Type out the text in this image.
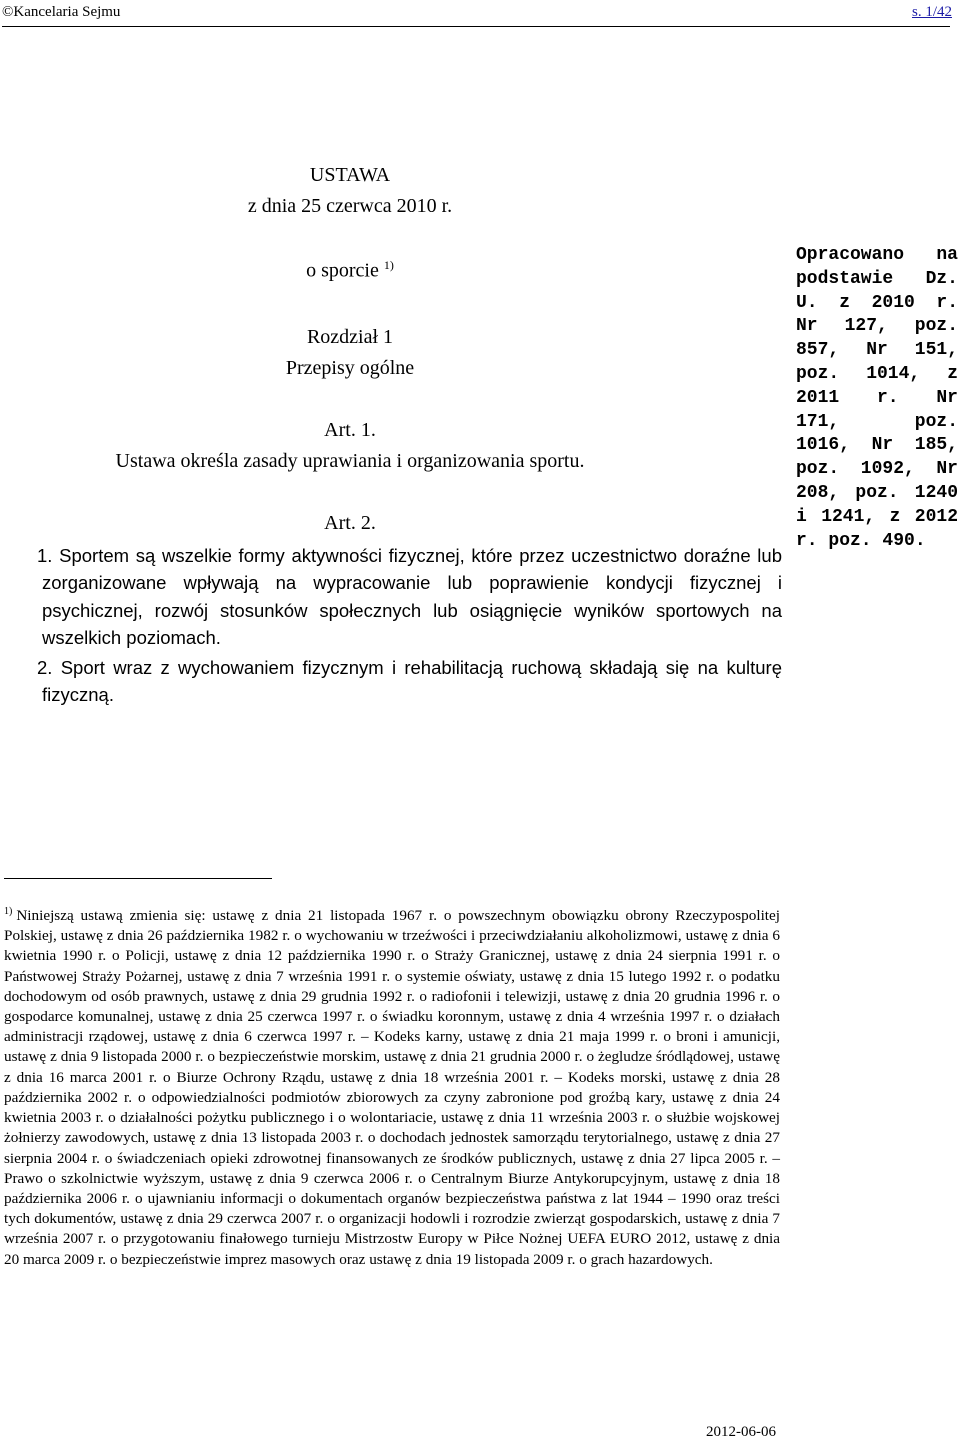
©Kancelaria Sejmu	s. 1/42
USTAWA
z dnia 25 czerwca 2010 r.
o sporcie $^{1)}$
Rozdział 1
Przepisy ogólne
Art. 1.
Ustawa określa zasady uprawiania i organizowania sportu.
Art. 2.

1. Sportem są wszelkie formy aktywności fizycznej, które przez uczestnictwo doraźne lub zorganizowane wpływają na wypracowanie lub poprawienie kondycji fizycznej i psychicznej, rozwój stosunków społecznych lub osiągnięcie wyników sportowych na wszelkich poziomach.

2. Sport wraz z wychowaniem fizycznym i rehabilitacją ruchową składają się na kulturę fizyczną.

Opracowano na podstawie Dz. U. z 2010 r. Nr 127, poz. 857, Nr 151, poz. 1014, z 2011 r. Nr 171, poz. 1016, Nr 185, poz. 1092, Nr 208, poz. 1240 i 1241, z 2012 r. poz. 490.
$^{1)}$ Niniejszą ustawą zmienia się: ustawę z dnia 21 listopada 1967 r. o powszechnym obowiązku obrony Rzeczypospolitej Polskiej, ustawę z dnia 26 października 1982 r. o wychowaniu w trzeźwości i przeciwdziałaniu alkoholizmowi, ustawę z dnia 6 kwietnia 1990 r. o Policji, ustawę z dnia 12 października 1990 r. o Straży Granicznej, ustawę z dnia 24 sierpnia 1991 r. o Państwowej Straży Pożarnej, ustawę z dnia 7 września 1991 r. o systemie oświaty, ustawę z dnia 15 lutego 1992 r. o podatku dochodowym od osób prawnych, ustawę z dnia 29 grudnia 1992 r. o radiofonii i telewizji, ustawę z dnia 20 grudnia 1996 r. o gospodarce komunalnej, ustawę z dnia 25 czerwca 1997 r. o świadku koronnym, ustawę z dnia 4 września 1997 r. o działach administracji rządowej, ustawę z dnia 6 czerwca 1997 r. – Kodeks karny, ustawę z dnia 21 maja 1999 r. o broni i amunicji, ustawę z dnia 9 listopada 2000 r. o bezpieczeństwie morskim, ustawę z dnia 21 grudnia 2000 r. o żegludze śródlądowej, ustawę z dnia 16 marca 2001 r. o Biurze Ochrony Rządu, ustawę z dnia 18 września 2001 r. – Kodeks morski, ustawę z dnia 28 października 2002 r. o odpowiedzialności podmiotów zbiorowych za czyny zabronione pod groźbą kary, ustawę z dnia 24 kwietnia 2003 r. o działalności pożytku publicznego i o wolontariacie, ustawę z dnia 11 września 2003 r. o służbie wojskowej żołnierzy zawodowych, ustawę z dnia 13 listopada 2003 r. o dochodach jednostek samorządu terytorialnego, ustawę z dnia 27 sierpnia 2004 r. o świadczeniach opieki zdrowotnej finansowanych ze środków publicznych, ustawę z dnia 27 lipca 2005 r. – Prawo o szkolnictwie wyższym, ustawę z dnia 9 czerwca 2006 r. o Centralnym Biurze Antykorupcyjnym, ustawę z dnia 18 października 2006 r. o ujawnianiu informacji o dokumentach organów bezpieczeństwa państwa z lat 1944 – 1990 oraz treści tych dokumentów, ustawę z dnia 29 czerwca 2007 r. o organizacji hodowli i rozrodzie zwierząt gospodarskich, ustawę z dnia 7 września 2007 r. o przygotowaniu finałowego turnieju Mistrzostw Europy w Piłce Nożnej UEFA EURO 2012, ustawę z dnia 20 marca 2009 r. o bezpieczeństwie imprez masowych oraz ustawę z dnia 19 listopada 2009 r. o grach hazardowych.
2012-06-06
